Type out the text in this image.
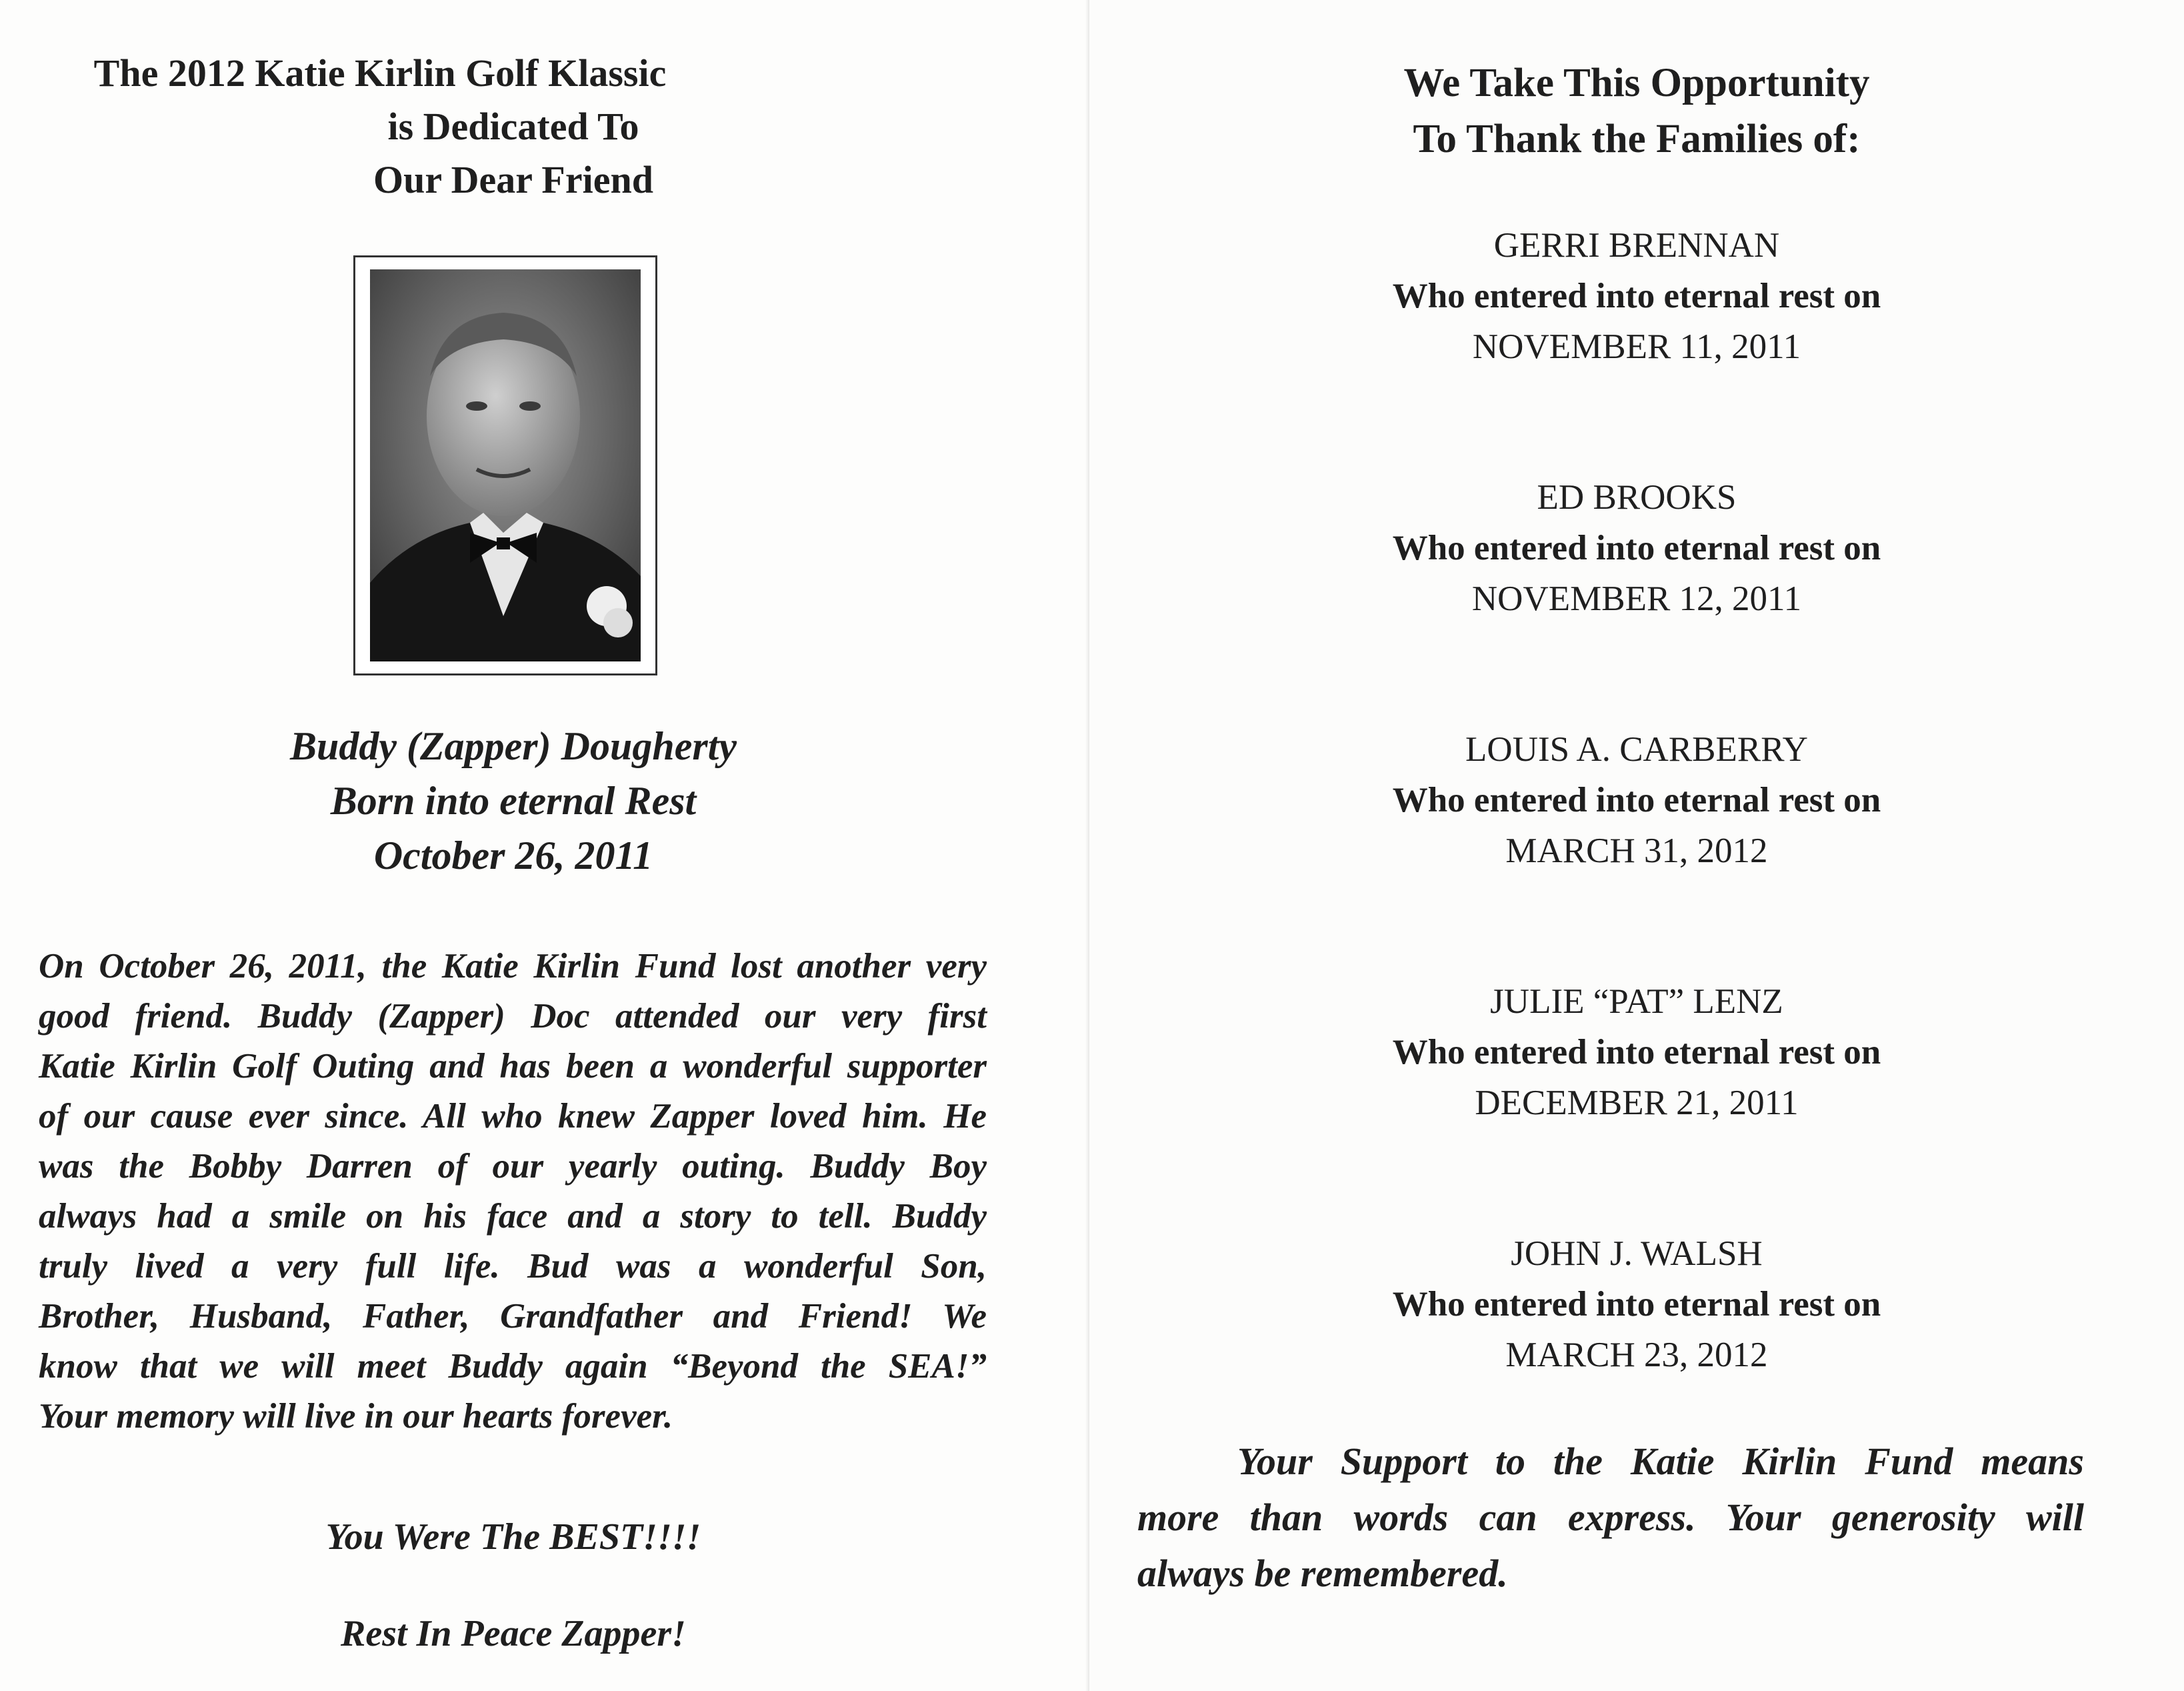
The 2012 Katie Kirlin Golf Klassic
is Dedicated To
Our Dear Friend
Buddy (Zapper) Dougherty
Born into eternal Rest
October 26, 2011
On October 26, 2011, the Katie Kirlin Fund lost another very
good friend. Buddy (Zapper) Doc attended our very first
Katie Kirlin Golf Outing and has been a wonderful supporter
of our cause ever since. All who knew Zapper loved him. He
was the Bobby Darren of our yearly outing. Buddy Boy
always had a smile on his face and a story to tell. Buddy
truly lived a very full life. Bud was a wonderful Son,
Brother, Husband, Father, Grandfather and Friend! We
know that we will meet Buddy again “Beyond the SEA!”
Your memory will live in our hearts forever.
You Were The BEST!!!!
Rest In Peace Zapper!
We Take This Opportunity
To Thank the Families of:
GERRI BRENNAN
Who entered into eternal rest on
NOVEMBER 11, 2011
ED BROOKS
Who entered into eternal rest on
NOVEMBER 12, 2011
LOUIS A. CARBERRY
Who entered into eternal rest on
MARCH 31, 2012
JULIE “PAT” LENZ
Who entered into eternal rest on
DECEMBER 21, 2011
JOHN J. WALSH
Who entered into eternal rest on
MARCH 23, 2012
Your Support to the Katie Kirlin Fund means
more than words can express. Your generosity will
always be remembered.
